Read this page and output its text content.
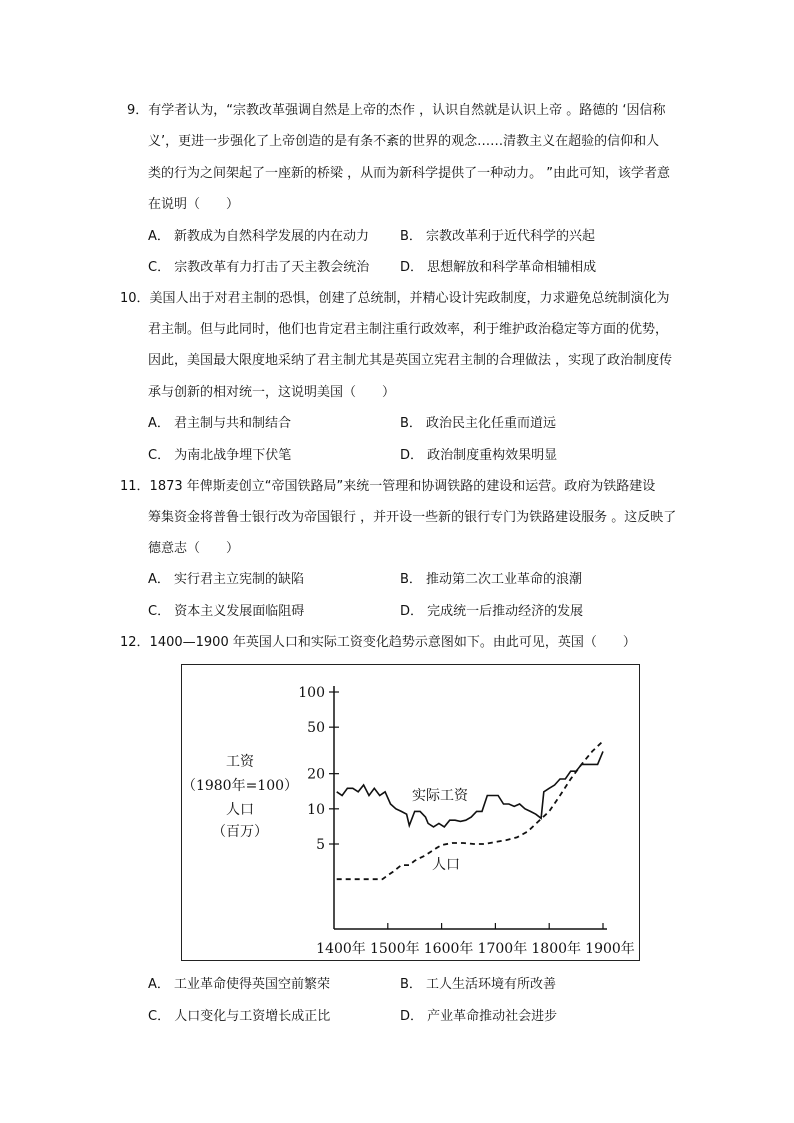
9．有学者认为，“宗教改革强调自然是上帝的杰作 ，认识自然就是认识上帝 。路德的 ‘因信称
义’，更进一步强化了上帝创造的是有条不紊的世界的观念……清教主义在超验的信仰和人
类的行为之间架起了一座新的桥梁 ，从而为新科学提供了一种动力。 ”由此可知，该学者意
在说明（　　）
A． 新教成为自然科学发展的内在动力 B． 宗教改革利于近代科学的兴起
C． 宗教改革有力打击了天主教会统治 D． 思想解放和科学革命相辅相成
10．美国人出于对君主制的恐惧，创建了总统制，并精心设计宪政制度，力求避免总统制演化为
君主制。但与此同时，他们也肯定君主制注重行政效率，利于维护政治稳定等方面的优势，
因此，美国最大限度地采纳了君主制尤其是英国立宪君主制的合理做法 ，实现了政治制度传
承与创新的相对统一，这说明美国（　　）
A． 君主制与共和制结合	B． 政治民主化任重而道远
C． 为南北战争埋下伏笔	D． 政治制度重构效果明显
11．1873 年俾斯麦创立“帝国铁路局”来统一管理和协调铁路的建设和运营。政府为铁路建设
筹集资金将普鲁士银行改为帝国银行 ，并开设一些新的银行专门为铁路建设服务 。这反映了
德意志（　　）
A． 实行君主立宪制的缺陷	B． 推动第二次工业革命的浪潮
C． 资本主义发展面临阻碍	D． 完成统一后推动经济的发展
12．1400—1900 年英国人口和实际工资变化趋势示意图如下。由此可见，英国（　　）
工资
（1980年=100）
人口
（百万）
5
10
20
50
100
1400年 1500年 1600年 1700年 1800年 1900年
实际工资
人口
A． 工业革命使得英国空前繁荣	B． 工人生活环境有所改善
C． 人口变化与工资增长成正比	D． 产业革命推动社会进步
